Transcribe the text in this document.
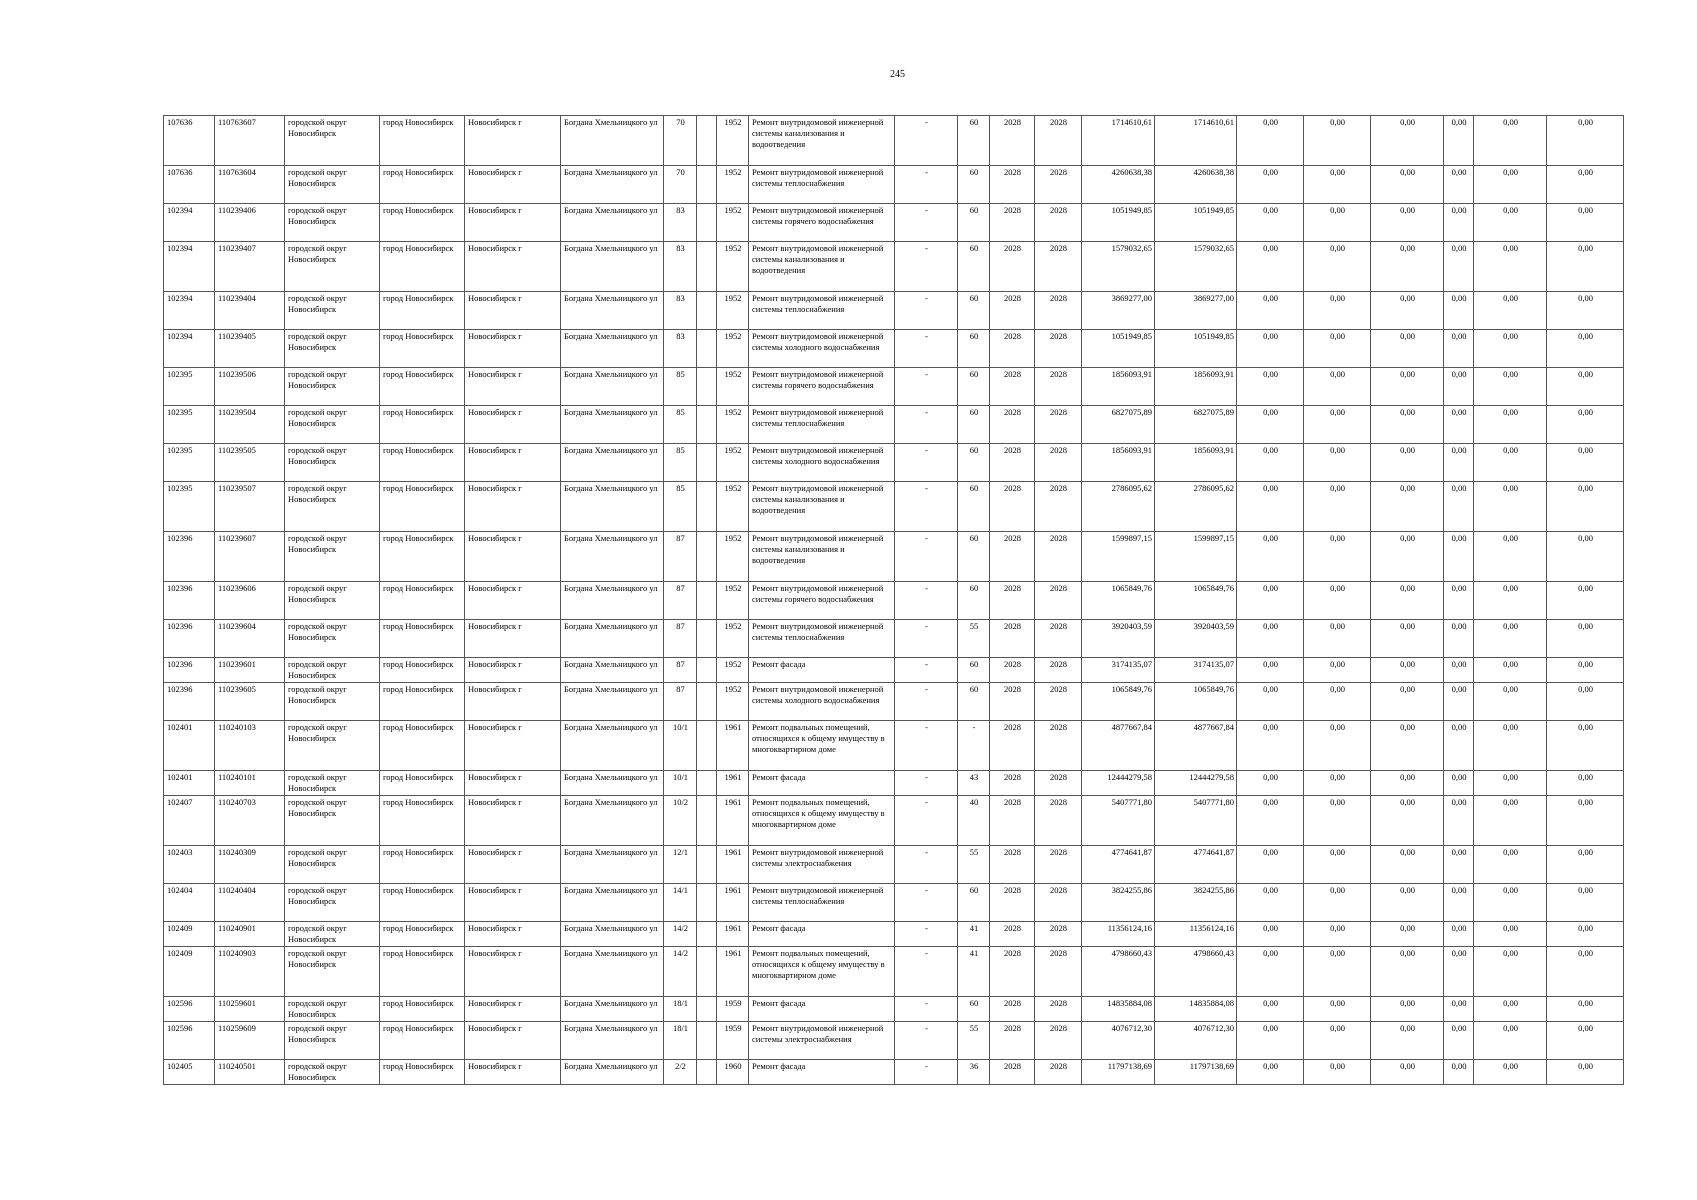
245
107636	110763607	городской округ Новосибирск	город Новосибирск	Новосибирск г	Богдана Хмельницкого ул	70		1952	Ремонт внутридомовой инженерной системы канализования и водоотведения	-	60	2028	2028	1714610,61	1714610,61	0,00	0,00	0,00	0,00	0,00	0,00
107636	110763604	городской округ Новосибирск	город Новосибирск	Новосибирск г	Богдана Хмельницкого ул	70		1952	Ремонт внутридомовой инженерной системы теплоснабжения	-	60	2028	2028	4260638,38	4260638,38	0,00	0,00	0,00	0,00	0,00	0,00
102394	110239406	городской округ Новосибирск	город Новосибирск	Новосибирск г	Богдана Хмельницкого ул	83		1952	Ремонт внутридомовой инженерной системы горячего водоснабжения	-	60	2028	2028	1051949,85	1051949,85	0,00	0,00	0,00	0,00	0,00	0,00
102394	110239407	городской округ Новосибирск	город Новосибирск	Новосибирск г	Богдана Хмельницкого ул	83		1952	Ремонт внутридомовой инженерной системы канализования и водоотведения	-	60	2028	2028	1579032,65	1579032,65	0,00	0,00	0,00	0,00	0,00	0,00
102394	110239404	городской округ Новосибирск	город Новосибирск	Новосибирск г	Богдана Хмельницкого ул	83		1952	Ремонт внутридомовой инженерной системы теплоснабжения	-	60	2028	2028	3869277,00	3869277,00	0,00	0,00	0,00	0,00	0,00	0,00
102394	110239405	городской округ Новосибирск	город Новосибирск	Новосибирск г	Богдана Хмельницкого ул	83		1952	Ремонт внутридомовой инженерной системы холодного водоснабжения	-	60	2028	2028	1051949,85	1051949,85	0,00	0,00	0,00	0,00	0,00	0,00
102395	110239506	городской округ Новосибирск	город Новосибирск	Новосибирск г	Богдана Хмельницкого ул	85		1952	Ремонт внутридомовой инженерной системы горячего водоснабжения	-	60	2028	2028	1856093,91	1856093,91	0,00	0,00	0,00	0,00	0,00	0,00
102395	110239504	городской округ Новосибирск	город Новосибирск	Новосибирск г	Богдана Хмельницкого ул	85		1952	Ремонт внутридомовой инженерной системы теплоснабжения	-	60	2028	2028	6827075,89	6827075,89	0,00	0,00	0,00	0,00	0,00	0,00
102395	110239505	городской округ Новосибирск	город Новосибирск	Новосибирск г	Богдана Хмельницкого ул	85		1952	Ремонт внутридомовой инженерной системы холодного водоснабжения	-	60	2028	2028	1856093,91	1856093,91	0,00	0,00	0,00	0,00	0,00	0,00
102395	110239507	городской округ Новосибирск	город Новосибирск	Новосибирск г	Богдана Хмельницкого ул	85		1952	Ремонт внутридомовой инженерной системы канализования и водоотведения	-	60	2028	2028	2786095,62	2786095,62	0,00	0,00	0,00	0,00	0,00	0,00
102396	110239607	городской округ Новосибирск	город Новосибирск	Новосибирск г	Богдана Хмельницкого ул	87		1952	Ремонт внутридомовой инженерной системы канализования и водоотведения	-	60	2028	2028	1599897,15	1599897,15	0,00	0,00	0,00	0,00	0,00	0,00
102396	110239606	городской округ Новосибирск	город Новосибирск	Новосибирск г	Богдана Хмельницкого ул	87		1952	Ремонт внутридомовой инженерной системы горячего водоснабжения	-	60	2028	2028	1065849,76	1065849,76	0,00	0,00	0,00	0,00	0,00	0,00
102396	110239604	городской округ Новосибирск	город Новосибирск	Новосибирск г	Богдана Хмельницкого ул	87		1952	Ремонт внутридомовой инженерной системы теплоснабжения	-	55	2028	2028	3920403,59	3920403,59	0,00	0,00	0,00	0,00	0,00	0,00
102396	110239601	городской округ Новосибирск	город Новосибирск	Новосибирск г	Богдана Хмельницкого ул	87		1952	Ремонт фасада	-	60	2028	2028	3174135,07	3174135,07	0,00	0,00	0,00	0,00	0,00	0,00
102396	110239605	городской округ Новосибирск	город Новосибирск	Новосибирск г	Богдана Хмельницкого ул	87		1952	Ремонт внутридомовой инженерной системы холодного водоснабжения	-	60	2028	2028	1065849,76	1065849,76	0,00	0,00	0,00	0,00	0,00	0,00
102401	110240103	городской округ Новосибирск	город Новосибирск	Новосибирск г	Богдана Хмельницкого ул	10/1		1961	Ремонт подвальных помещений, относящихся к общему имуществу в многоквартирном доме	-	-	2028	2028	4877667,84	4877667,84	0,00	0,00	0,00	0,00	0,00	0,00
102401	110240101	городской округ Новосибирск	город Новосибирск	Новосибирск г	Богдана Хмельницкого ул	10/1		1961	Ремонт фасада	-	43	2028	2028	12444279,58	12444279,58	0,00	0,00	0,00	0,00	0,00	0,00
102407	110240703	городской округ Новосибирск	город Новосибирск	Новосибирск г	Богдана Хмельницкого ул	10/2		1961	Ремонт подвальных помещений, относящихся к общему имуществу в многоквартирном доме	-	40	2028	2028	5407771,80	5407771,80	0,00	0,00	0,00	0,00	0,00	0,00
102403	110240309	городской округ Новосибирск	город Новосибирск	Новосибирск г	Богдана Хмельницкого ул	12/1		1961	Ремонт внутридомовой инженерной системы электроснабжения	-	55	2028	2028	4774641,87	4774641,87	0,00	0,00	0,00	0,00	0,00	0,00
102404	110240404	городской округ Новосибирск	город Новосибирск	Новосибирск г	Богдана Хмельницкого ул	14/1		1961	Ремонт внутридомовой инженерной системы теплоснабжения	-	60	2028	2028	3824255,86	3824255,86	0,00	0,00	0,00	0,00	0,00	0,00
102409	110240901	городской округ Новосибирск	город Новосибирск	Новосибирск г	Богдана Хмельницкого ул	14/2		1961	Ремонт фасада	-	41	2028	2028	11356124,16	11356124,16	0,00	0,00	0,00	0,00	0,00	0,00
102409	110240903	городской округ Новосибирск	город Новосибирск	Новосибирск г	Богдана Хмельницкого ул	14/2		1961	Ремонт подвальных помещений, относящихся к общему имуществу в многоквартирном доме	-	41	2028	2028	4798660,43	4798660,43	0,00	0,00	0,00	0,00	0,00	0,00
102596	110259601	городской округ Новосибирск	город Новосибирск	Новосибирск г	Богдана Хмельницкого ул	18/1		1959	Ремонт фасада	-	60	2028	2028	14835884,08	14835884,08	0,00	0,00	0,00	0,00	0,00	0,00
102596	110259609	городской округ Новосибирск	город Новосибирск	Новосибирск г	Богдана Хмельницкого ул	18/1		1959	Ремонт внутридомовой инженерной системы электроснабжения	-	55	2028	2028	4076712,30	4076712,30	0,00	0,00	0,00	0,00	0,00	0,00
102405	110240501	городской округ Новосибирск	город Новосибирск	Новосибирск г	Богдана Хмельницкого ул	2/2		1960	Ремонт фасада	-	36	2028	2028	11797138,69	11797138,69	0,00	0,00	0,00	0,00	0,00	0,00
